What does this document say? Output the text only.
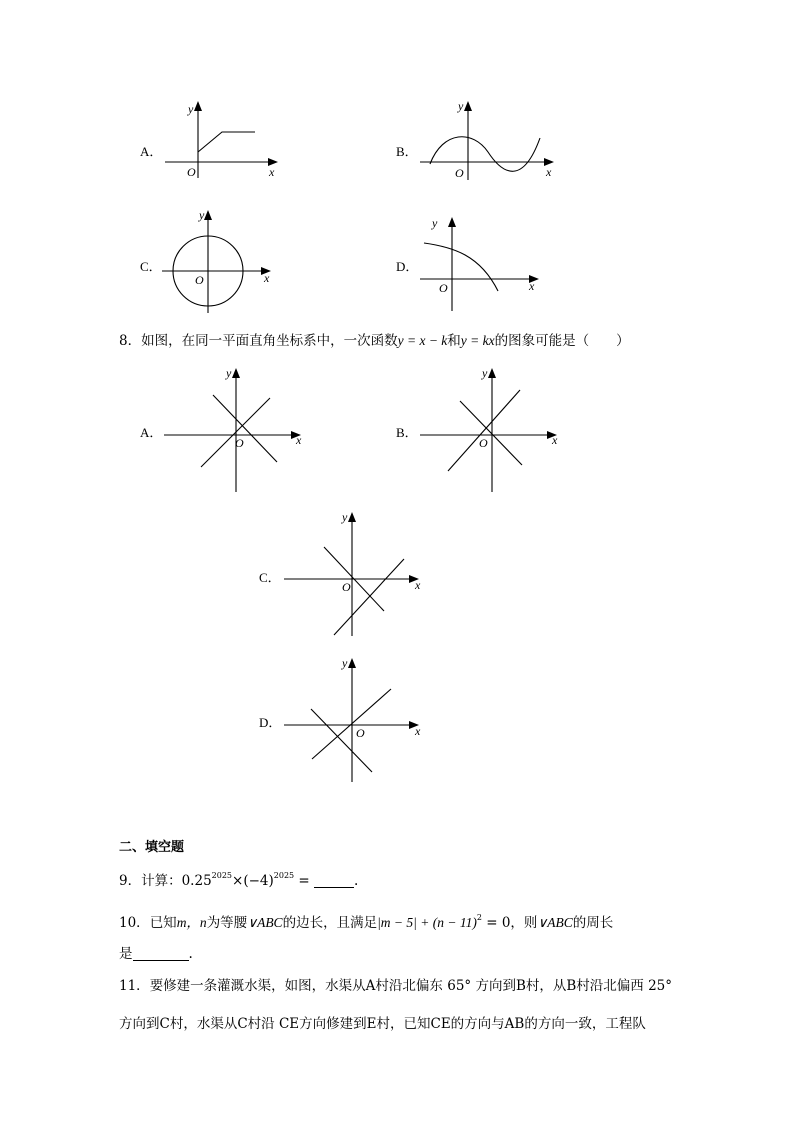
A．
x
y
O
B．
x
y
O
C．
x
y
O
D．
x
y
O
8．如图，在同一平面直角坐标系中，一次函数y = x − k和y = kx的图象可能是（　　）
A．	x
y
O
B．	x
y
O
C．	x
y
O
D．
x
y
O
二、填空题
9．计算：$0.25^{2025}\times(-4)^{2025}$ =	.
10．已知m，n为等腰∨ABC的边长，且满足$|m - 5| + (n - 11)^2 = 0$，则∨ABC的周长
是	.
11．要修建一条灌溉水渠，如图，水渠从A村沿北偏东 65° 方向到B村，从B村沿北偏西 25°
方向到C村，水渠从C村沿 CE方向修建到E村，已知CE的方向与AB的方向一致，工程队
